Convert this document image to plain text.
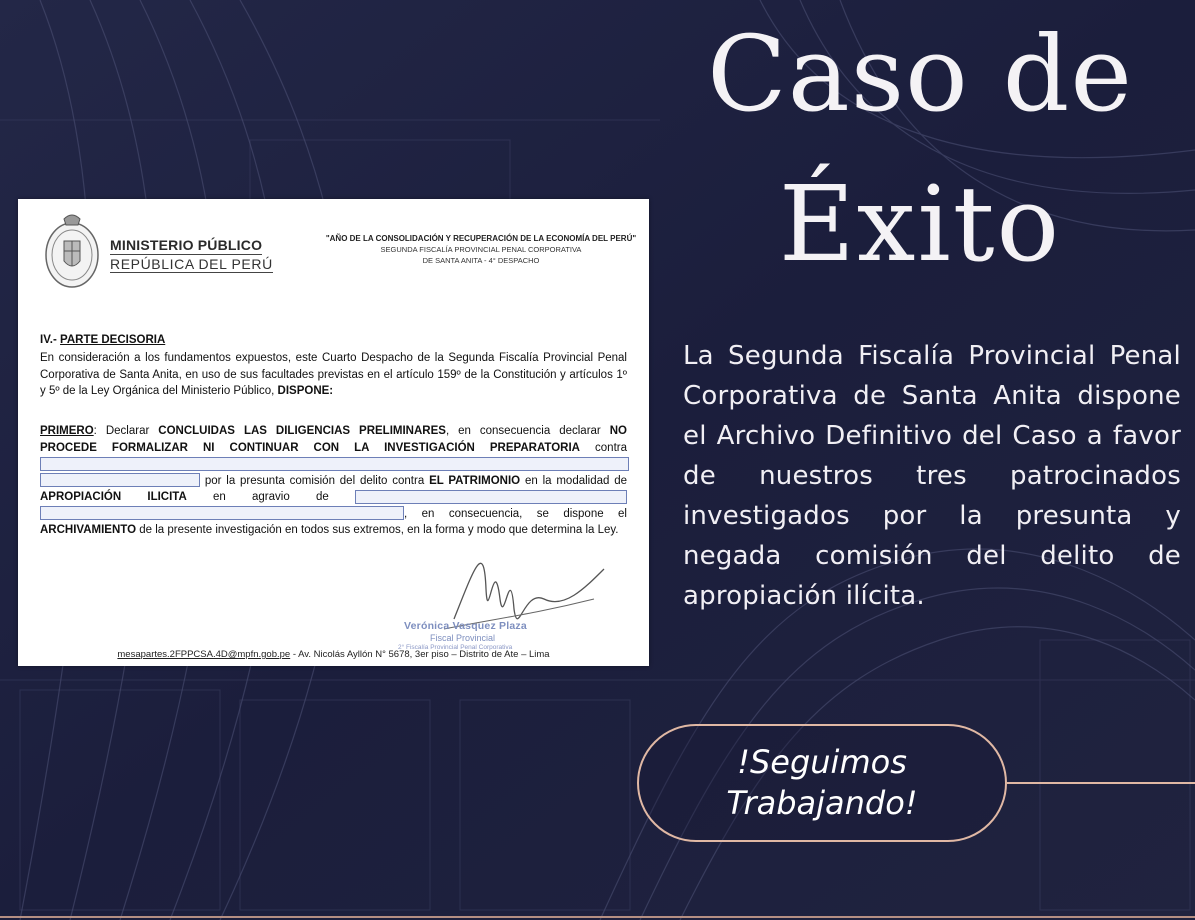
Caso de
Éxito
La Segunda Fiscalía Provincial Penal Corporativa de Santa Anita dispone el Archivo Definitivo del Caso a favor de nuestros tres patrocinados investigados por la presunta y negada comisión del delito de apropiación ilícita.
!Seguimos
Trabajando!
MINISTERIO PÚBLICO
REPÚBLICA DEL PERÚ
"AÑO DE LA CONSOLIDACIÓN Y RECUPERACIÓN DE LA ECONOMÍA DEL PERÚ"
SEGUNDA FISCALÍA PROVINCIAL PENAL CORPORATIVA
DE SANTA ANITA - 4° DESPACHO
IV.- PARTE DECISORIA
En consideración a los fundamentos expuestos, este Cuarto Despacho de la Segunda Fiscalía Provincial Penal Corporativa de Santa Anita, en uso de sus facultades previstas en el artículo 159º de la Constitución y artículos 1º y 5º de la Ley Orgánica del Ministerio Público, DISPONE:
PRIMERO: Declarar CONCLUIDAS LAS DILIGENCIAS PRELIMINARES, en consecuencia declarar NO PROCEDE FORMALIZAR NI CONTINUAR CON LA INVESTIGACIÓN PREPARATORIA contra   por la presunta comisión del delito contra EL PATRIMONIO en la modalidad de APROPIACIÓN ILICITA en agravio de  , en consecuencia, se dispone el ARCHIVAMIENTO de la presente investigación en todos sus extremos, en la forma y modo que determina la Ley.
Verónica Vasquez Plaza
Fiscal Provincial
2° Fiscalía Provincial Penal Corporativa
mesapartes.2FPPCSA.4D@mpfn.gob.pe - Av. Nicolás Ayllón N° 5678, 3er piso – Distrito de Ate – Lima
